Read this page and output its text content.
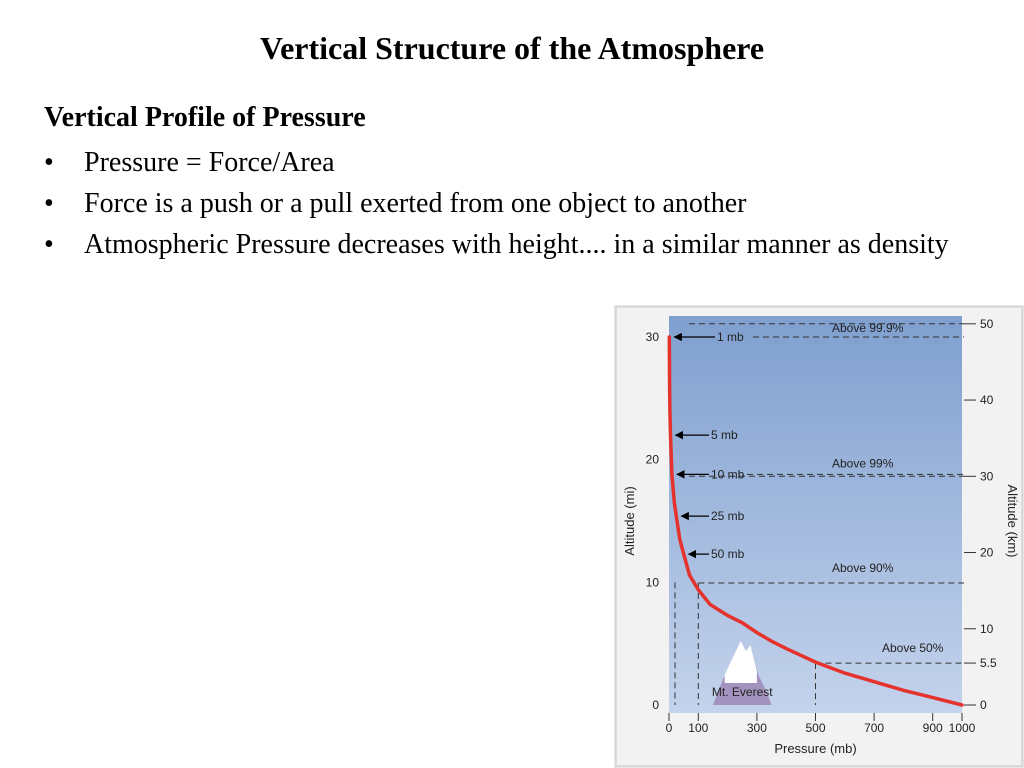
Vertical Structure of the Atmosphere
Vertical Profile of Pressure
• Pressure = Force/Area
• Force is a push or a pull exerted from one object to another
• Atmospheric Pressure decreases with height.... in a similar manner as density
Above 99.9%
Above 99%
Above 90%
Above 50%
Mt. Everest
1 mb
5 mb
10 mb
25 mb
50 mb
0 100	300	500	700	900 1000
Pressure (mb)
0
10
20
30
Altitude (mi)
0
5.5
10
20
30
40
50
Altitude (km)
